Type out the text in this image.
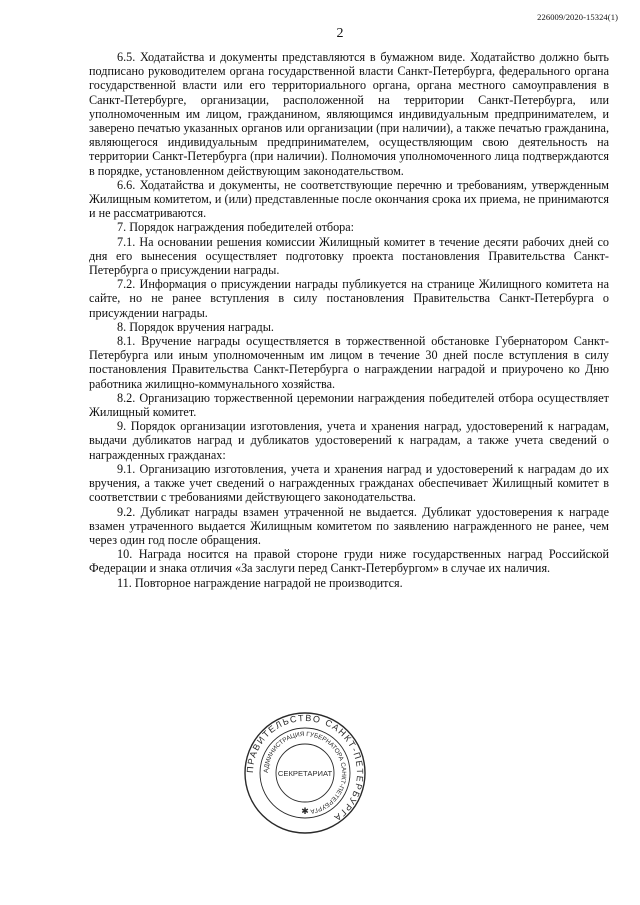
226009/2020-15324(1)
2

6.5. Ходатайства и документы представляются в бумажном виде. Ходатайство должно быть подписано руководителем органа государственной власти Санкт-Петербурга, федерального органа государственной власти или его территориального органа, органа местного самоуправления в Санкт-Петербурге, организации, расположенной на территории Санкт-Петербурга, или уполномоченным им лицом, гражданином, являющимся индивидуальным предпринимателем, и заверено печатью указанных органов или организации (при наличии), а также печатью гражданина, являющегося индивидуальным предпринимателем, осуществляющим свою деятельность на территории Санкт-Петербурга (при наличии). Полномочия уполномоченного лица подтверждаются в порядке, установленном действующим законодательством.

6.6. Ходатайства и документы, не соответствующие перечню и требованиям, утвержденным Жилищным комитетом, и (или) представленные после окончания срока их приема, не принимаются и не рассматриваются.

7. Порядок награждения победителей отбора:

7.1. На основании решения комиссии Жилищный комитет в течение десяти рабочих дней со дня его вынесения осуществляет подготовку проекта постановления Правительства Санкт-Петербурга о присуждении награды.

7.2. Информация о присуждении награды публикуется на странице Жилищного комитета на сайте, но не ранее вступления в силу постановления Правительства Санкт-Петербурга о присуждении награды.

8. Порядок вручения награды.

8.1. Вручение награды осуществляется в торжественной обстановке Губернатором Санкт-Петербурга или иным уполномоченным им лицом в течение 30 дней после вступления в силу постановления Правительства Санкт-Петербурга о награждении наградой и приурочено ко Дню работника жилищно-коммунального хозяйства.

8.2. Организацию торжественной церемонии награждения победителей отбора осуществляет Жилищный комитет.

9. Порядок организации изготовления, учета и хранения наград, удостоверений к наградам, выдачи дубликатов наград и дубликатов удостоверений к наградам, а также учета сведений о награжденных гражданах:

9.1. Организацию изготовления, учета и хранения наград и удостоверений к наградам до их вручения, а также учет сведений о награжденных гражданах обеспечивает Жилищный комитет в соответствии с требованиями действующего законодательства.

9.2. Дубликат награды взамен утраченной не выдается. Дубликат удостоверения к награде взамен утраченного выдается Жилищным комитетом по заявлению награжденного не ранее, чем через один год после обращения.

10. Награда носится на правой стороне груди ниже государственных наград Российской Федерации и знака отличия «За заслуги перед Санкт-Петербургом» в случае их наличия.

11. Повторное награждение наградой не производится.

ПРАВИТЕЛЬСТВО САНКТ-ПЕТЕРБУРГА
АДМИНИСТРАЦИЯ ГУБЕРНАТОРА САНКТ-ПЕТЕРБУРГА
СЕКРЕТАРИАТ
✱
